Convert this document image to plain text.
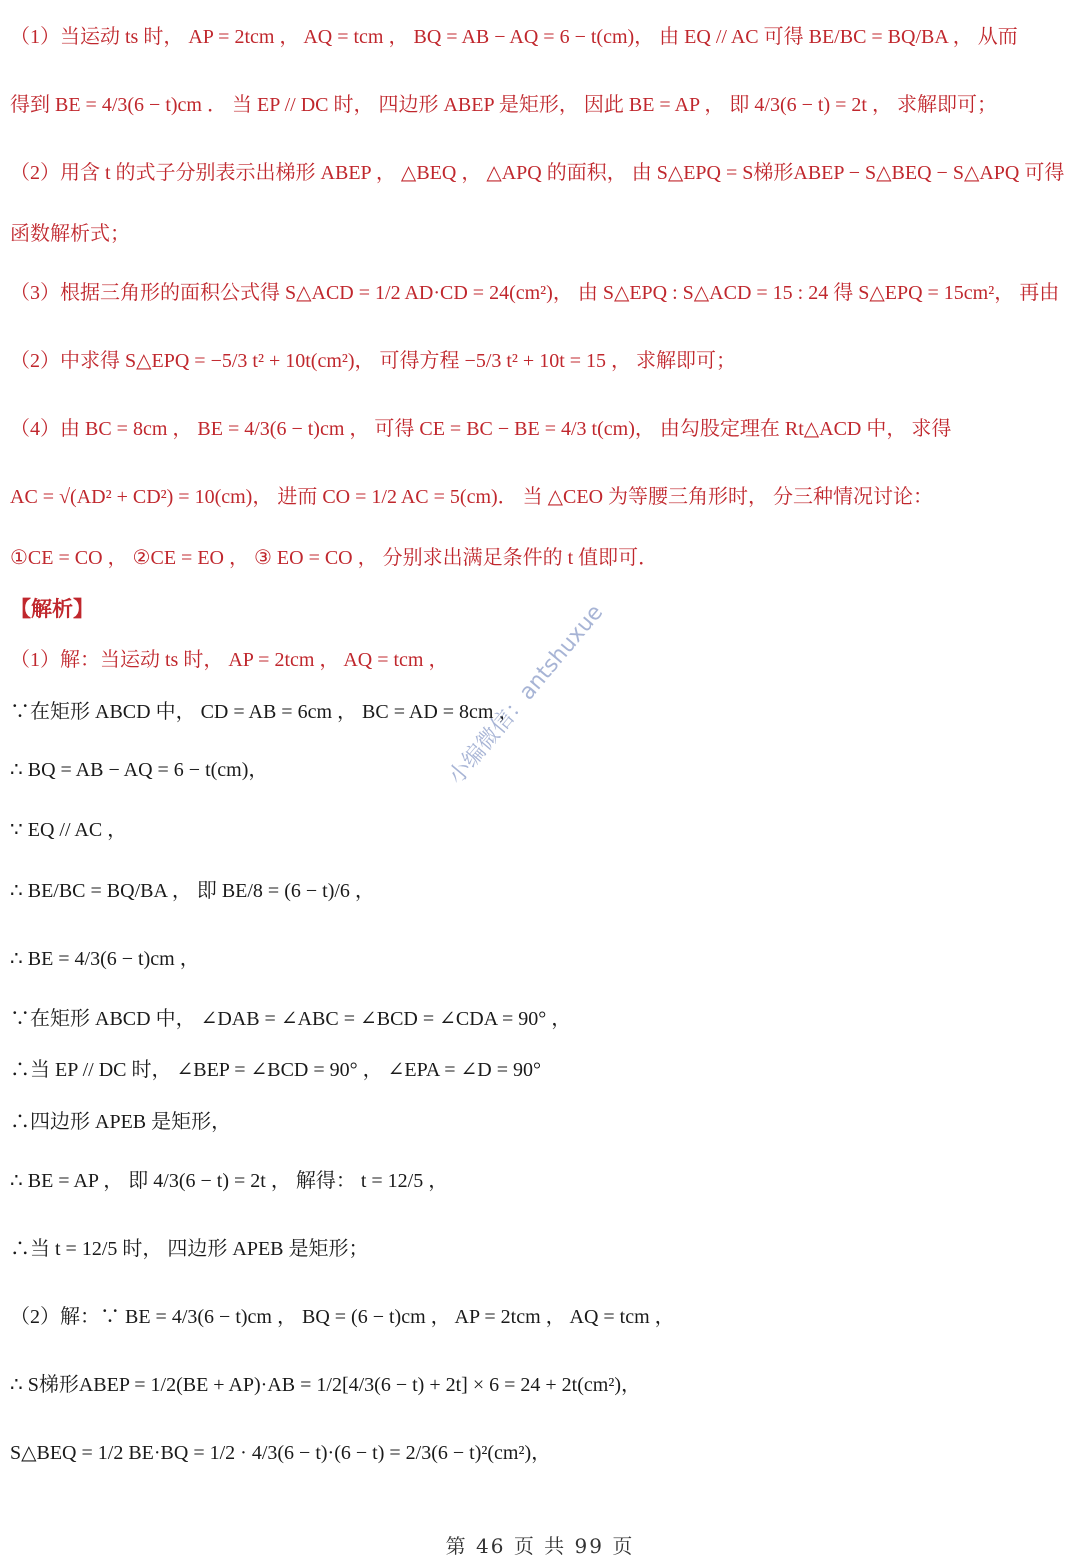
（1）当运动 ts 时， AP = 2tcm ， AQ = tcm ， BQ = AB − AQ = 6 − t(cm)， 由 EQ // AC 可得 BE/BC = BQ/BA ， 从而
得到 BE = 4/3(6 − t)cm ． 当 EP // DC 时， 四边形 ABEP 是矩形， 因此 BE = AP ， 即 4/3(6 − t) = 2t ， 求解即可；
（2）用含 t 的式子分别表示出梯形 ABEP ， △BEQ ， △APQ 的面积， 由 S△EPQ = S梯形ABEP − S△BEQ − S△APQ 可得
函数解析式；
（3）根据三角形的面积公式得 S△ACD = 1/2 AD·CD = 24(cm²)， 由 S△EPQ : S△ACD = 15 : 24 得 S△EPQ = 15cm²， 再由
（2）中求得 S△EPQ = −5/3 t² + 10t(cm²)， 可得方程 −5/3 t² + 10t = 15 ， 求解即可；
（4）由 BC = 8cm ， BE = 4/3(6 − t)cm ， 可得 CE = BC − BE = 4/3 t(cm)， 由勾股定理在 Rt△ACD 中， 求得
AC = √(AD² + CD²) = 10(cm)， 进而 CO = 1/2 AC = 5(cm)． 当 △CEO 为等腰三角形时， 分三种情况讨论：
①CE = CO ， ②CE = EO ， ③ EO = CO ， 分别求出满足条件的 t 值即可．
【解析】
（1）解：当运动 ts 时， AP = 2tcm ， AQ = tcm ，
∵在矩形 ABCD 中， CD = AB = 6cm ， BC = AD = 8cm ，
∴ BQ = AB − AQ = 6 − t(cm)，
∵ EQ // AC ，
∴ BE/BC = BQ/BA ， 即 BE/8 = (6 − t)/6 ，
∴ BE = 4/3(6 − t)cm ，
∵在矩形 ABCD 中， ∠DAB = ∠ABC = ∠BCD = ∠CDA = 90° ，
∴当 EP // DC 时， ∠BEP = ∠BCD = 90° ， ∠EPA = ∠D = 90°
∴四边形 APEB 是矩形，
∴ BE = AP ， 即 4/3(6 − t) = 2t ， 解得： t = 12/5 ，
∴当 t = 12/5 时， 四边形 APEB 是矩形；
（2）解：∵ BE = 4/3(6 − t)cm ， BQ = (6 − t)cm ， AP = 2tcm ， AQ = tcm ，
∴ S梯形ABEP = 1/2(BE + AP)·AB = 1/2[4/3(6 − t) + 2t] × 6 = 24 + 2t(cm²)，
S△BEQ = 1/2 BE·BQ = 1/2 · 4/3(6 − t)·(6 − t) = 2/3(6 − t)²(cm²)，
小编微信：antshuxue
第 46 页 共 99 页
